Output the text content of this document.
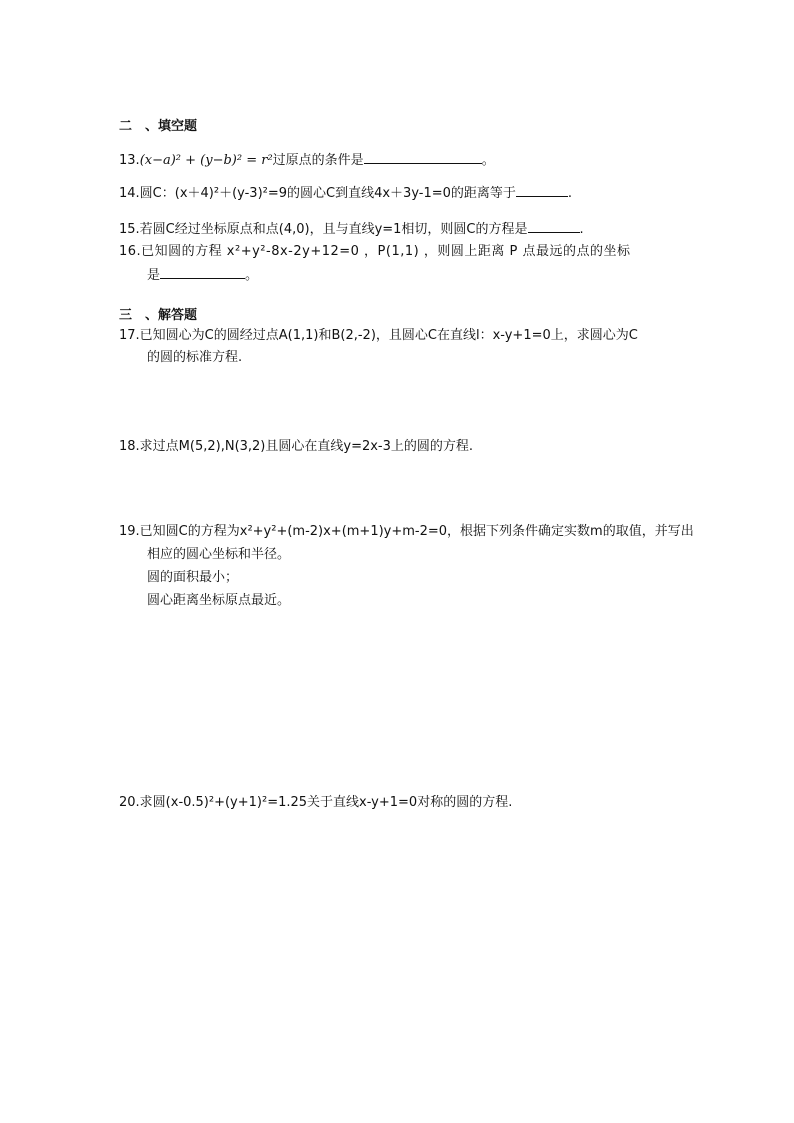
二　、填空题
13.(x−a)² + (y−b)² = r²过原点的条件是	。
14.圆C：(x＋4)²＋(y-3)²=9的圆心C到直线4x＋3y-1=0的距离等于	.
15.若圆C经过坐标原点和点(4,0)，且与直线y=1相切，则圆C的方程是	.
16.已知圆的方程 x²+y²-8x-2y+12=0 ，P(1,1) ，则圆上距离 P 点最远的点的坐标
是	。
三　、解答题
17.已知圆心为C的圆经过点A(1,1)和B(2,-2)，且圆心C在直线l：x-y+1=0上，求圆心为C
的圆的标准方程.
18.求过点M(5,2),N(3,2)且圆心在直线y=2x-3上的圆的方程.
19.已知圆C的方程为x²+y²+(m-2)x+(m+1)y+m-2=0，根据下列条件确定实数m的取值，并写出
相应的圆心坐标和半径。
圆的面积最小；
圆心距离坐标原点最近。
20.求圆(x-0.5)²+(y+1)²=1.25关于直线x-y+1=0对称的圆的方程.
